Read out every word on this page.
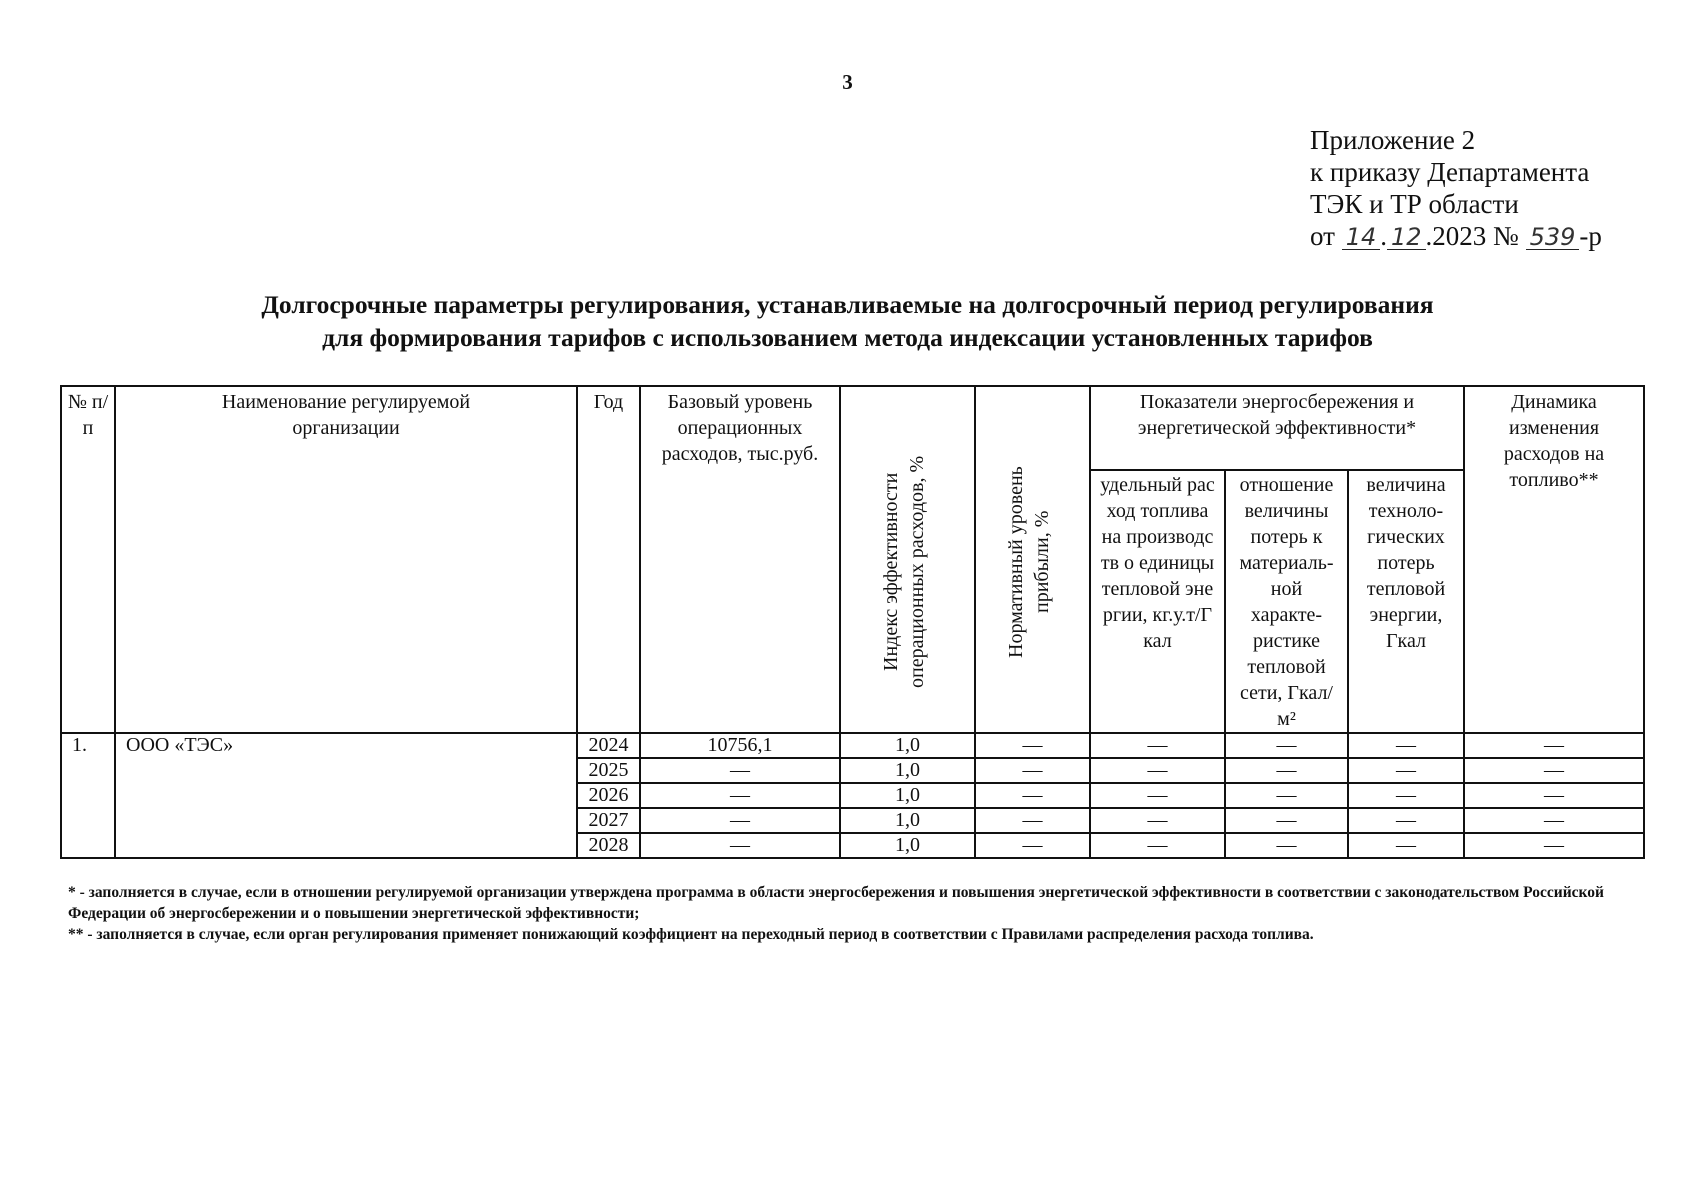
3
Приложение 2
к приказу Департамента
ТЭК и ТР области
от 14 . 12 .2023 № 539 -р
Долгосрочные параметры регулирования, устанавливаемые на долгосрочный период регулирования
для формирования тарифов с использованием метода индексации установленных тарифов
№ п/п	Наименование регулируемой организации	Год	Базовый уровень операционных расходов, тыс.руб.	Индекс эффективности операционных расходов, %	Нормативный уровень прибыли, %	Показатели энергосбережения и энергетической эффективности*			Динамика изменения расходов на топливо**

						удельный расход топлива на производств о единицы тепловой энергии, кг.у.т/Гкал	отношение величины потерь к материаль- ной характе- ристике тепловой сети, Гкал/м²	величина техноло- гических потерь тепловой энергии, Гкал	

1.	ООО «ТЭС»	2024	10756,1	1,0	—	—	—	—	—
		2025	—	1,0	—	—	—	—	—
		2026	—	1,0	—	—	—	—	—
		2027	—	1,0	—	—	—	—	—
		2028	—	1,0	—	—	—	—	—

* - заполняется в случае, если в отношении регулируемой организации утверждена программа в области энергосбережения и повышения энергетической эффективности в соответствии с законодательством Российской Федерации об энергосбережении и о повышении энергетической эффективности;

** - заполняется в случае, если орган регулирования применяет понижающий коэффициент на переходный период в соответствии с Правилами распределения расхода топлива.
